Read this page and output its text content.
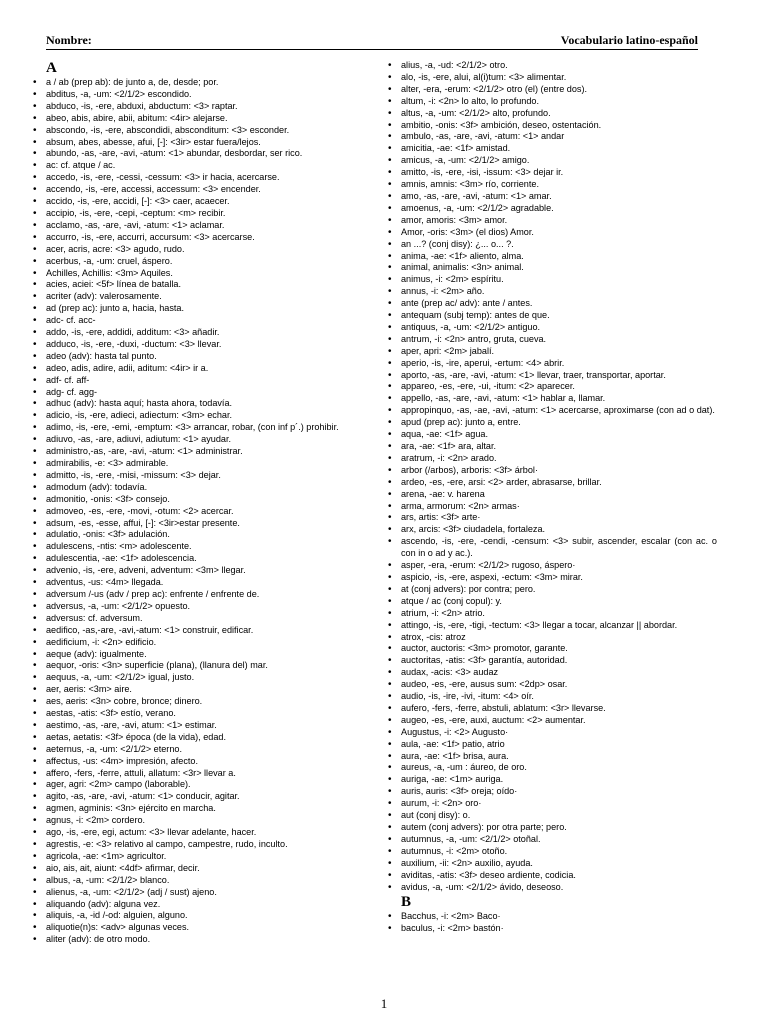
Nombre:	Vocabulario latino-español
A
• a / ab (prep ab): de junto a, de, desde; por.
• abditus, -a, -um: <2/1/2> escondido.
• abduco, -is, -ere, abduxi, abductum: <3> raptar.
• abeo, abis, abire, abii, abitum: <4ir> alejarse.
• abscondo, -is, -ere, abscondidi, absconditum: <3> esconder.
• absum, abes, abesse, afui, [-]: <3ir> estar fuera/lejos.
• abundo, -as, -are, -avi, -atum: <1> abundar, desbordar, ser rico.
• ac: cf. atque / ac.
• accedo, -is, -ere, -cessi, -cessum: <3> ir hacia, acercarse.
• accendo, -is, -ere, accessi, accessum: <3> encender.
• accido, -is, -ere, accidi, [-]: <3> caer, acaecer.
• accipio, -is, -ere, -cepi, -ceptum: <m> recibir.
• acclamo, -as, -are, -avi, -atum: <1> aclamar.
• accurro, -is, -ere, accurri, accursum: <3> acercarse.
• acer, acris, acre: <3> agudo, rudo.
• acerbus, -a, -um: cruel, áspero.
• Achilles, Achillis: <3m> Aquiles.
• acies, aciei: <5f> línea de batalla.
• acriter (adv): valerosamente.
• ad (prep ac): junto a, hacia, hasta.
• adc- cf. acc-
• addo, -is, -ere, addidi, additum: <3> añadir.
• adduco, -is, -ere, -duxi, -ductum: <3> llevar.
• adeo (adv): hasta tal punto.
• adeo, adis, adire, adii, aditum: <4ir> ir a.
• adf- cf. aff-
• adg- cf. agg-
• adhuc (adv): hasta aquí; hasta ahora, todavía.
• adicio, -is, -ere, adieci, adiectum: <3m> echar.
• adimo, -is, -ere, -emi, -emptum: <3> arrancar, robar, (con inf p´.) prohibir.
• adiuvo, -as, -are, adiuvi, adiutum: <1> ayudar.
• administro,-as, -are, -avi, -atum: <1> administrar.
• admirabilis, -e: <3> admirable.
• admitto, -is, -ere, -misi, -missum: <3> dejar.
• admodum (adv): todavía.
• admonitio, -onis: <3f> consejo.
• admoveo, -es, -ere, -movi, -otum: <2> acercar.
• adsum, -es, -esse, affui, [-]: <3ir>estar presente.
• adulatio, -onis: <3f> adulación.
• adulescens, -ntis: <m> adolescente.
• adulescentia, -ae: <1f> adolescencia.
• advenio, -is, -ere, adveni, adventum: <3m> llegar.
• adventus, -us: <4m> llegada.
• adversum /-us (adv / prep ac): enfrente / enfrente de.
• adversus, -a, -um: <2/1/2> opuesto.
• adversus: cf. adversum.
• aedifico, -as,-are, -avi,-atum: <1> construir, edificar.
• aedificium, -i: <2n> edificio.
• aeque (adv): igualmente.
• aequor, -oris: <3n> superficie (plana), (llanura del) mar.
• aequus, -a, -um: <2/1/2> igual, justo.
• aer, aeris: <3m> aire.
• aes, aeris: <3n> cobre, bronce; dinero.
• aestas, -atis: <3f> estío, verano.
• aestimo, -as, -are, -avi, atum: <1> estimar.
• aetas, aetatis: <3f> época (de la vida), edad.
• aeternus, -a, -um: <2/1/2> eterno.
• affectus, -us: <4m> impresión, afecto.
• affero, -fers, -ferre, attuli, allatum: <3r> llevar a.
• ager, agri: <2m> campo (laborable).
• agito, -as, -are, -avi, -atum: <1> conducir, agitar.
• agmen, agminis: <3n> ejército en marcha.
• agnus, -i: <2m> cordero.
• ago, -is, -ere, egi, actum: <3> llevar adelante, hacer.
• agrestis, -e: <3> relativo al campo, campestre, rudo, inculto.
• agricola, -ae: <1m> agricultor.
• aio, ais, ait, aiunt: <4df> afirmar, decir.
• albus, -a, -um: <2/1/2> blanco.
• alienus, -a, -um: <2/1/2> (adj / sust) ajeno.
• aliquando (adv): alguna vez.
• aliquis, -a, -id /-od: alguien, alguno.
• aliquotie(n)s: <adv> algunas veces.
• aliter (adv): de otro modo.
• alius, -a, -ud: <2/1/2> otro.
• alo, -is, -ere, alui, al(i)tum: <3> alimentar.
• alter, -era, -erum: <2/1/2> otro (el) (entre dos).
• altum, -i: <2n> lo alto, lo profundo.
• altus, -a, -um: <2/1/2> alto, profundo.
• ambitio, -onis: <3f> ambición, deseo, ostentación.
• ambulo, -as, -are, -avi, -atum: <1> andar
• amicitia, -ae: <1f> amistad.
• amicus, -a, -um: <2/1/2> amigo.
• amitto, -is, -ere, -isi, -issum: <3> dejar ir.
• amnis, amnis: <3m> río, corriente.
• amo, -as, -are, -avi, -atum: <1> amar.
• amoenus, -a, -um: <2/1/2> agradable.
• amor, amoris: <3m> amor.
• Amor, -oris: <3m> (el dios) Amor.
• an ...? (conj disy): ¿... o... ?.
• anima, -ae: <1f> aliento, alma.
• animal, animalis: <3n> animal.
• animus, -i: <2m> espíritu.
• annus, -i: <2m> año.
• ante (prep ac/ adv): ante / antes.
• antequam (subj temp): antes de que.
• antiquus, -a, -um: <2/1/2> antiguo.
• antrum, -i: <2n> antro, gruta, cueva.
• aper, apri: <2m> jabalí.
• aperio, -is, -ire, aperui, -ertum: <4> abrir.
• aporto, -as, -are, -avi, -atum: <1> llevar, traer, transportar, aportar.
• appareo, -es, -ere, -ui, -itum: <2> aparecer.
• appello, -as, -are, -avi, -atum: <1> hablar a, llamar.
• appropinquo, -as, -ae, -avi, -atum: <1> acercarse, aproximarse (con ad o dat).
• apud (prep ac): junto a, entre.
• aqua, -ae: <1f> agua.
• ara, -ae: <1f> ara, altar.
• aratrum, -i: <2n> arado.
• arbor (/arbos), arboris: <3f> árbol·
• ardeo, -es, -ere, arsi: <2> arder, abrasarse, brillar.
• arena, -ae: v. harena
• arma, armorum: <2n> armas·
• ars, artis: <3f> arte·
• arx, arcis: <3f> ciudadela, fortaleza.
• ascendo, -is, -ere, -cendi, -censum: <3> subir, ascender, escalar (con ac. o con in o ad y ac.).
• asper, -era, -erum: <2/1/2> rugoso, áspero·
• aspicio, -is, -ere, aspexi, -ectum: <3m> mirar.
• at (conj advers): por contra; pero.
• atque / ac (conj copul): y.
• atrium, -i: <2n> atrio.
• attingo, -is, -ere, -tigi, -tectum: <3> llegar a tocar, alcanzar || abordar.
• atrox, -cis: atroz
• auctor, auctoris: <3m> promotor, garante.
• auctoritas, -atis: <3f> garantía, autoridad.
• audax, -acis: <3> audaz
• audeo, -es, -ere, ausus sum: <2dp> osar.
• audio, -is, -ire, -ivi, -itum: <4> oír.
• aufero, -fers, -ferre, abstuli, ablatum: <3r> llevarse.
• augeo, -es, -ere, auxi, auctum: <2> aumentar.
• Augustus, -i: <2> Augusto·
• aula, -ae: <1f> patio, atrio
• aura, -ae: <1f> brisa, aura.
• aureus, -a, -um : áureo, de oro.
• auriga, -ae: <1m> auriga.
• auris, auris: <3f> oreja; oído·
• aurum, -i: <2n> oro·
• aut (conj disy): o.
• autem (conj advers): por otra parte; pero.
• autumnus, -a, -um: <2/1/2> otoñal.
• autumnus, -i: <2m> otoño.
• auxilium, -ii: <2n> auxilio, ayuda.
• aviditas, -atis: <3f> deseo ardiente, codicia.
• avidus, -a, -um: <2/1/2> ávido, deseoso.
B
• Bacchus, -i: <2m> Baco·
• baculus, -i: <2m> bastón·
1
